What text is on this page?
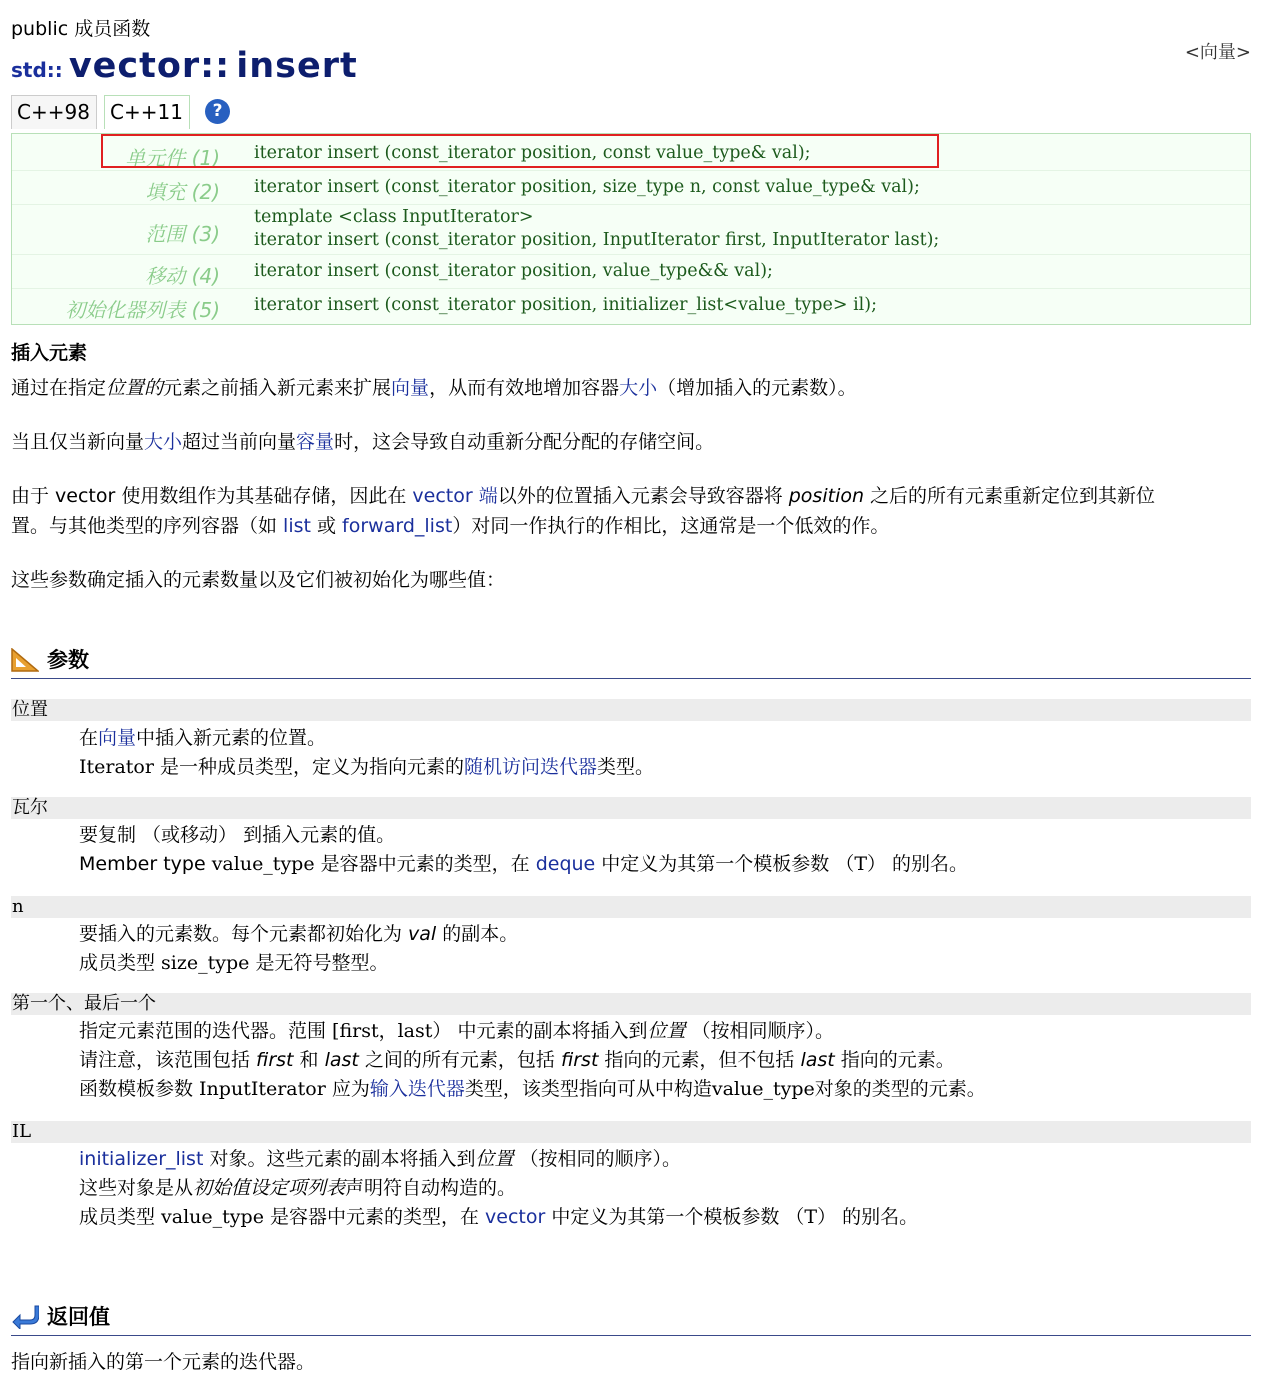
public 成员函数
std:: vector:: insert	<向量>
C++98	C++11	?
单元件 (1) iterator insert (const_iterator position, const value_type& val);
填充 (2) iterator insert (const_iterator position, size_type n, const value_type& val);
范围 (3)
template <class InputIterator>
iterator insert (const_iterator position, InputIterator first, InputIterator last);
移动 (4) iterator insert (const_iterator position, value_type&& val);
初始化器列表 (5) iterator insert (const_iterator position, initializer_list<value_type> il);
插入元素
通过在指定位置的元素之前插入新元素来扩展向量，从而有效地增加容器大小（增加插入的元素数）。
当且仅当新向量大小超过当前向量容量时，这会导致自动重新分配分配的存储空间。
由于 vector 使用数组作为其基础存储，因此在 vector 端以外的位置插入元素会导致容器将 position 之后的所有元素重新定位到其新位
置。与其他类型的序列容器（如 list 或 forward_list）对同一作执行的作相比，这通常是一个低效的作。
这些参数确定插入的元素数量以及它们被初始化为哪些值：
参数
位置
在向量中插入新元素的位置。
Iterator 是一种成员类型，定义为指向元素的随机访问迭代器类型。
瓦尔
要复制 （或移动） 到插入元素的值。
Member type value_type 是容器中元素的类型，在 deque 中定义为其第一个模板参数 （T） 的别名。
n
要插入的元素数。每个元素都初始化为 val 的副本。
成员类型 size_type 是无符号整型。
第一个、最后一个
指定元素范围的迭代器。范围 [first，last） 中元素的副本将插入到位置 （按相同顺序）。
请注意，该范围包括 first 和 last 之间的所有元素，包括 first 指向的元素，但不包括 last 指向的元素。
函数模板参数 InputIterator 应为输入迭代器类型，该类型指向可从中构造value_type对象的类型的元素。
IL
initializer_list 对象。这些元素的副本将插入到位置 （按相同的顺序）。
这些对象是从初始值设定项列表声明符自动构造的。
成员类型 value_type 是容器中元素的类型，在 vector 中定义为其第一个模板参数 （T） 的别名。
返回值
指向新插入的第一个元素的迭代器。
